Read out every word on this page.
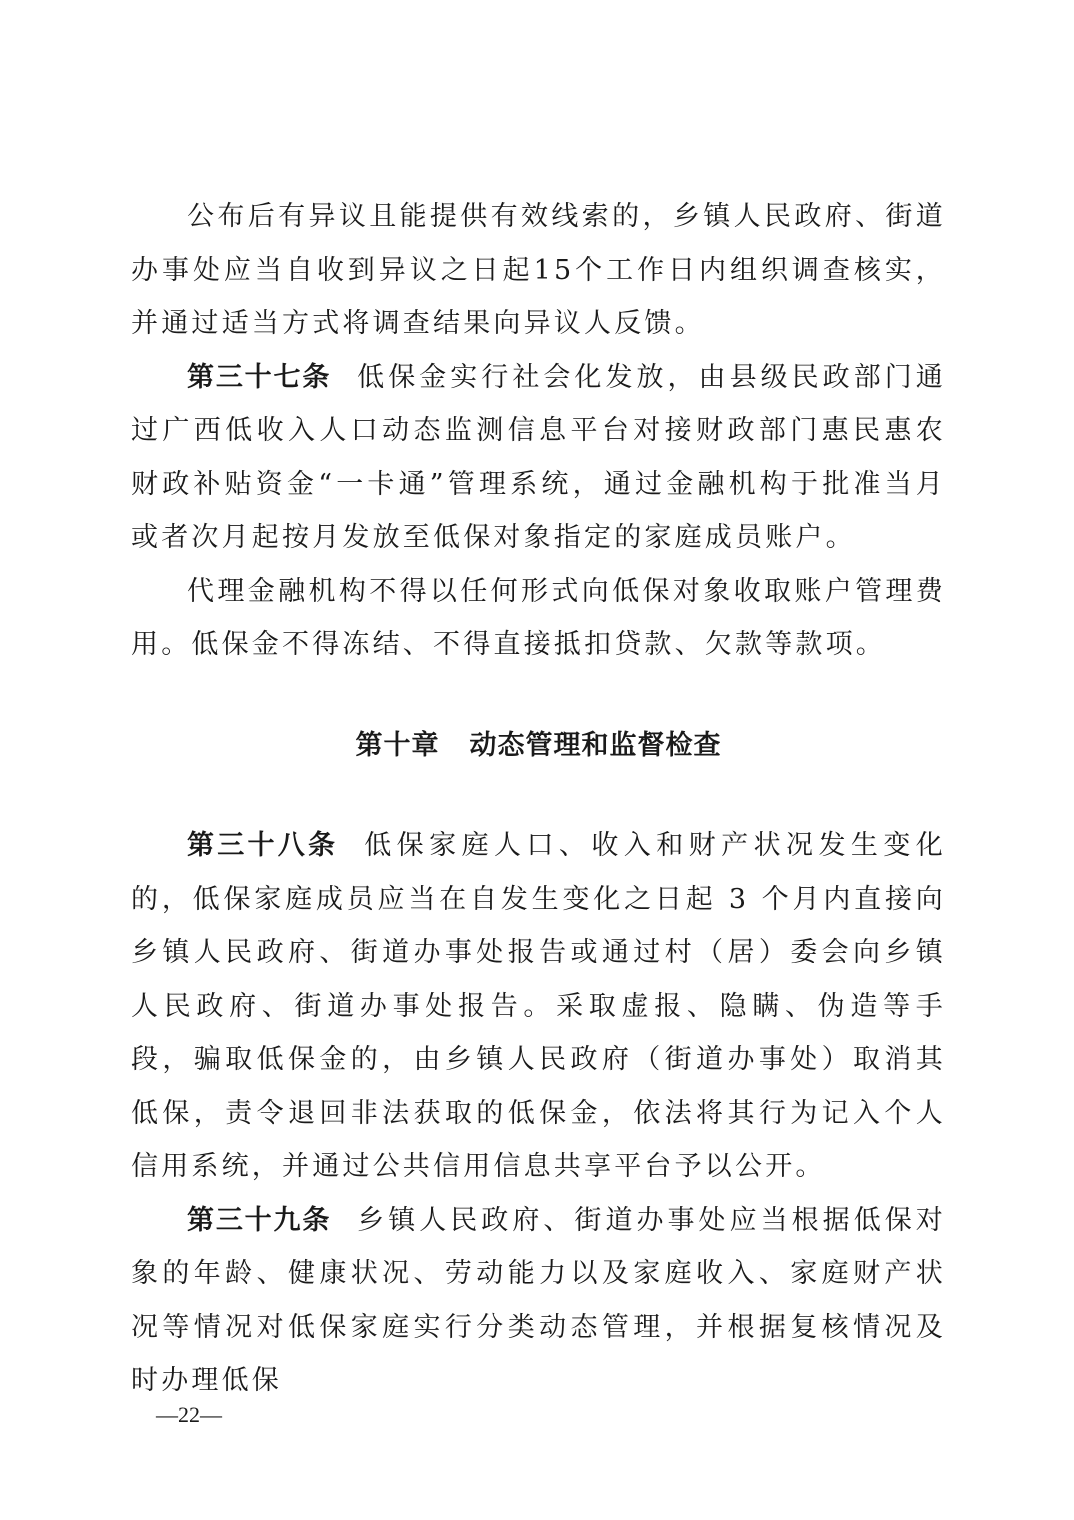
公布后有异议且能提供有效线索的，乡镇人民政府、街道办事处应当自收到异议之日起15个工作日内组织调查核实，并通过适当方式将调查结果向异议人反馈。

第三十七条 低保金实行社会化发放，由县级民政部门通过广西低收入人口动态监测信息平台对接财政部门惠民惠农财政补贴资金“一卡通”管理系统，通过金融机构于批准当月或者次月起按月发放至低保对象指定的家庭成员账户。

代理金融机构不得以任何形式向低保对象收取账户管理费用。低保金不得冻结、不得直接抵扣贷款、欠款等款项。

第十章 动态管理和监督检查

第三十八条 低保家庭人口、收入和财产状况发生变化的，低保家庭成员应当在自发生变化之日起 3 个月内直接向乡镇人民政府、街道办事处报告或通过村（居）委会向乡镇人民政府、街道办事处报告。采取虚报、隐瞒、伪造等手段，骗取低保金的，由乡镇人民政府（街道办事处）取消其低保，责令退回非法获取的低保金，依法将其行为记入个人信用系统，并通过公共信用信息共享平台予以公开。

第三十九条 乡镇人民政府、街道办事处应当根据低保对象的年龄、健康状况、劳动能力以及家庭收入、家庭财产状况等情况对低保家庭实行分类动态管理，并根据复核情况及时办理低保

—22—
